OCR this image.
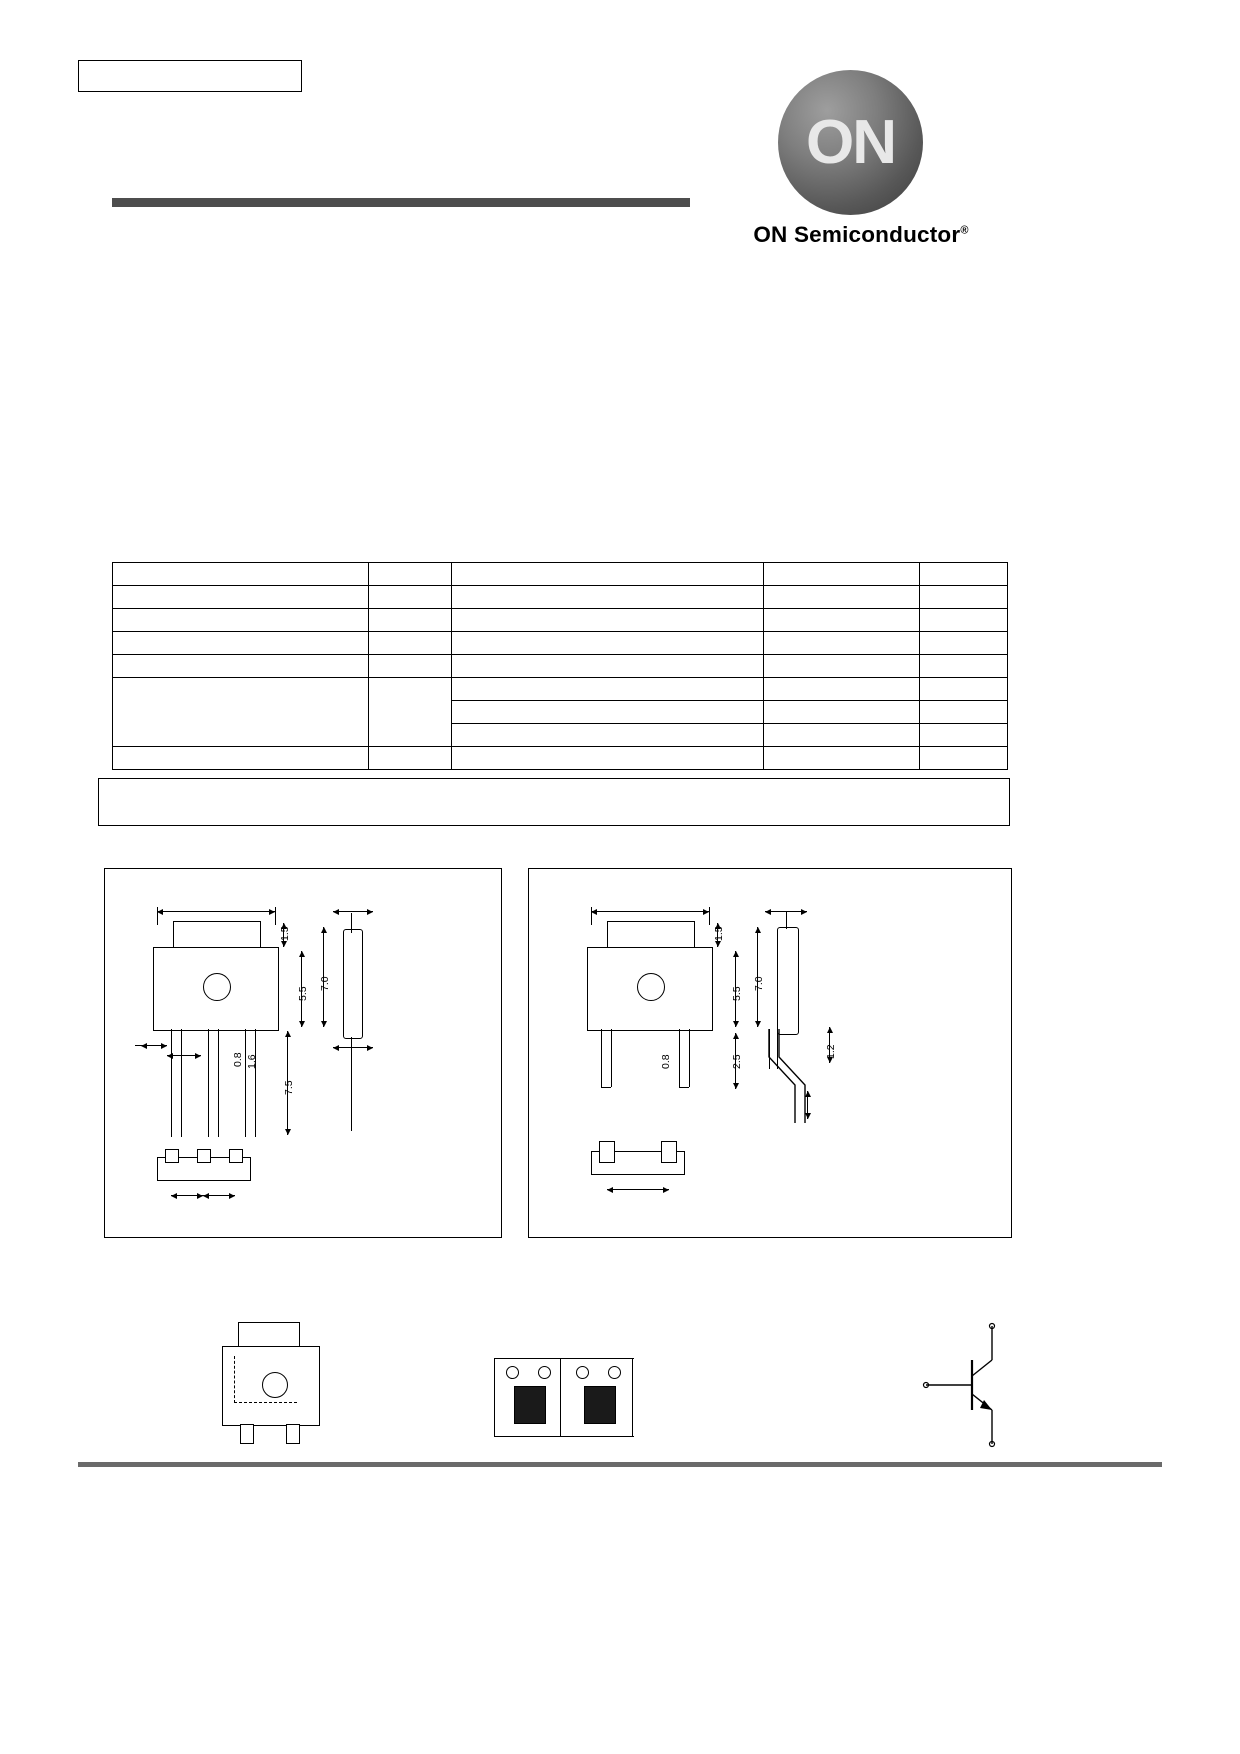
ON
ON Semiconductor®

1.5
5.5
7.0
0.8 1.6
7.5
1.5
5.5
7.0
2.5
0.8
1.2
